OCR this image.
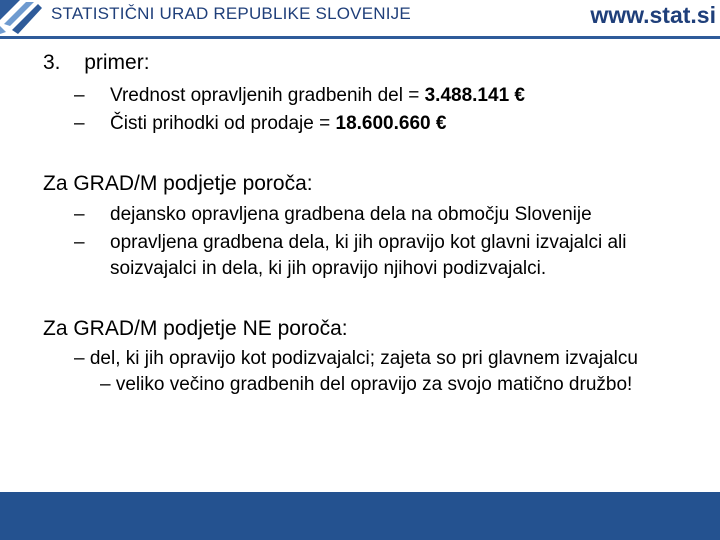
STATISTIČNI URAD REPUBLIKE SLOVENIJE	www.stat.si
3. primer:
– Vrednost opravljenih gradbenih del = 3.488.141 €
– Čisti prihodki od prodaje = 18.600.660 €
Za GRAD/M podjetje poroča:
– dejansko opravljena gradbena dela na območju Slovenije
– opravljena gradbena dela, ki jih opravijo kot glavni izvajalci ali
soizvajalci in dela, ki jih opravijo njihovi podizvajalci.
Za GRAD/M podjetje NE poroča:
– del, ki jih opravijo kot podizvajalci; zajeta so pri glavnem izvajalcu
– veliko večino gradbenih del opravijo za svojo matično družbo!
